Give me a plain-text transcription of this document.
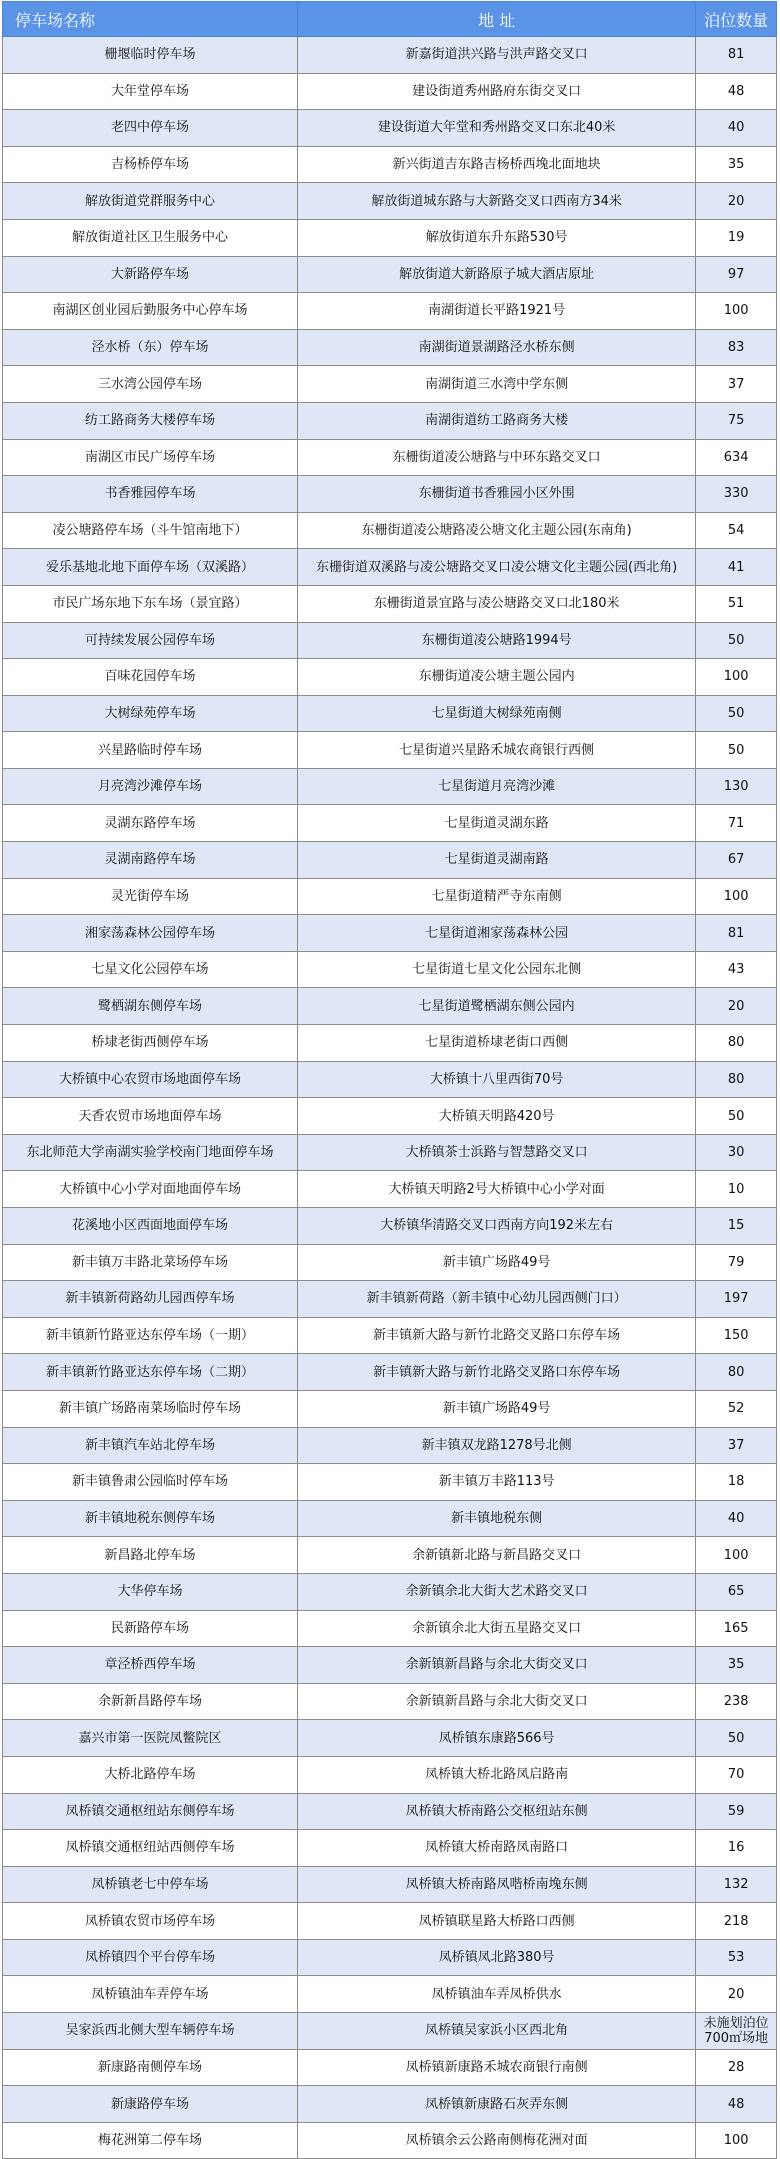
停车场名称	地 址	泊位数量
栅堰临时停车场	新嘉街道洪兴路与洪声路交叉口	81
大年堂停车场	建设街道秀州路府东街交叉口	48
老四中停车场	建设街道大年堂和秀州路交叉口东北40米	40
吉杨桥停车场	新兴街道吉东路吉杨桥西堍北面地块	35
解放街道党群服务中心	解放街道城东路与大新路交叉口西南方34米	20
解放街道社区卫生服务中心	解放街道东升东路530号	19
大新路停车场	解放街道大新路原子城大酒店原址	97
南湖区创业园后勤服务中心停车场	南湖街道长平路1921号	100
泾水桥（东）停车场	南湖街道景湖路泾水桥东侧	83
三水湾公园停车场	南湖街道三水湾中学东侧	37
纺工路商务大楼停车场	南湖街道纺工路商务大楼	75
南湖区市民广场停车场	东栅街道凌公塘路与中环东路交叉口	634
书香雅园停车场	东栅街道书香雅园小区外围	330
凌公塘路停车场（斗牛馆南地下）	东栅街道凌公塘路凌公塘文化主题公园(东南角)	54
爱乐基地北地下面停车场（双溪路）	东栅街道双溪路与凌公塘路交叉口凌公塘文化主题公园(西北角)	41
市民广场东地下东车场（景宜路）	东栅街道景宜路与凌公塘路交叉口北180米	51
可持续发展公园停车场	东栅街道凌公塘路1994号	50
百味花园停车场	东栅街道凌公塘主题公园内	100
大树绿苑停车场	七星街道大树绿苑南侧	50
兴星路临时停车场	七星街道兴星路禾城农商银行西侧	50
月亮湾沙滩停车场	七星街道月亮湾沙滩	130
灵湖东路停车场	七星街道灵湖东路	71
灵湖南路停车场	七星街道灵湖南路	67
灵光街停车场	七星街道精严寺东南侧	100
湘家荡森林公园停车场	七星街道湘家荡森林公园	81
七星文化公园停车场	七星街道七星文化公园东北侧	43
鹭栖湖东侧停车场	七星街道鹭栖湖东侧公园内	20
桥埭老街西侧停车场	七星街道桥埭老街口西侧	80
大桥镇中心农贸市场地面停车场	大桥镇十八里西街70号	80
天香农贸市场地面停车场	大桥镇天明路420号	50
东北师范大学南湖实验学校南门地面停车场	大桥镇茶士浜路与智慧路交叉口	30
大桥镇中心小学对面地面停车场	大桥镇天明路2号大桥镇中心小学对面	10
花溪地小区西面地面停车场	大桥镇华清路交叉口西南方向192米左右	15
新丰镇万丰路北菜场停车场	新丰镇广场路49号	79
新丰镇新荷路幼儿园西停车场	新丰镇新荷路（新丰镇中心幼儿园西侧门口）	197
新丰镇新竹路亚达东停车场（一期）	新丰镇新大路与新竹北路交叉路口东停车场	150
新丰镇新竹路亚达东停车场（二期）	新丰镇新大路与新竹北路交叉路口东停车场	80
新丰镇广场路南菜场临时停车场	新丰镇广场路49号	52
新丰镇汽车站北停车场	新丰镇双龙路1278号北侧	37
新丰镇鲁肃公园临时停车场	新丰镇万丰路113号	18
新丰镇地税东侧停车场	新丰镇地税东侧	40
新昌路北停车场	余新镇新北路与新昌路交叉口	100
大华停车场	余新镇余北大街大艺术路交叉口	65
民新路停车场	余新镇余北大街五星路交叉口	165
章泾桥西停车场	余新镇新昌路与余北大街交叉口	35
余新新昌路停车场	余新镇新昌路与余北大街交叉口	238
嘉兴市第一医院凤鳖院区	凤桥镇东康路566号	50
大桥北路停车场	凤桥镇大桥北路凤启路南	70
凤桥镇交通枢纽站东侧停车场	凤桥镇大桥南路公交枢纽站东侧	59
凤桥镇交通枢纽站西侧停车场	凤桥镇大桥南路凤南路口	16
凤桥镇老七中停车场	凤桥镇大桥南路凤喈桥南堍东侧	132
凤桥镇农贸市场停车场	凤桥镇联星路大桥路口西侧	218
凤桥镇四个平台停车场	凤桥镇凤北路380号	53
凤桥镇油车弄停车场	凤桥镇油车弄凤桥供水	20
吴家浜西北侧大型车辆停车场	凤桥镇吴家浜小区西北角	未施划泊位 700㎡场地
新康路南侧停车场	凤桥镇新康路禾城农商银行南侧	28
新康路停车场	凤桥镇新康路石灰弄东侧	48
梅花洲第二停车场	凤桥镇余云公路南侧梅花洲对面	100
